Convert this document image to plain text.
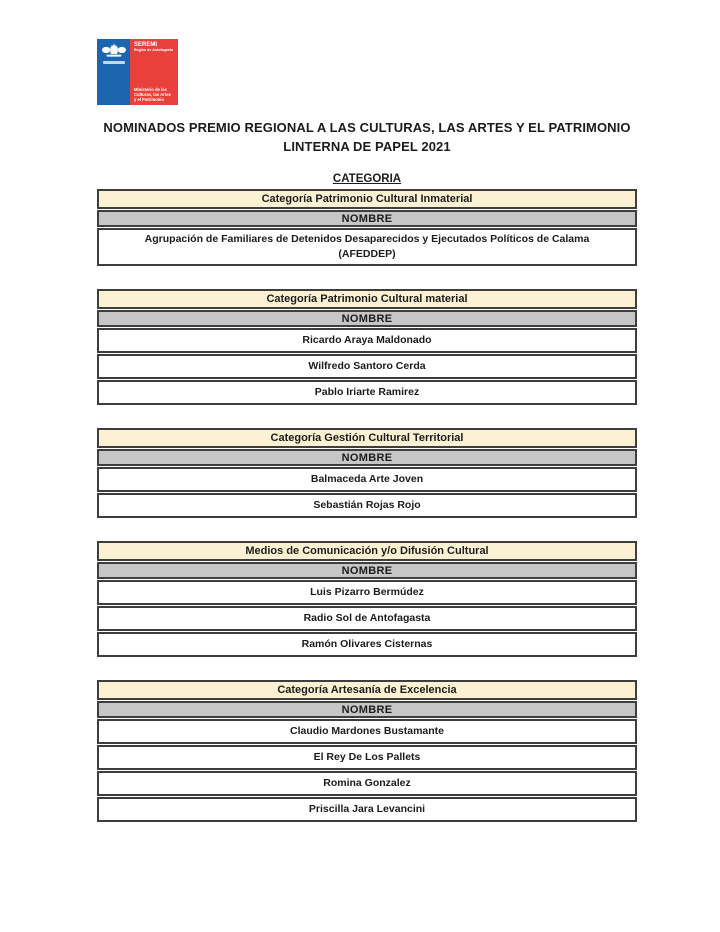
SEREMI
Región de Antofagasta
Ministerio de las Culturas, las Artes y el Patrimonio
NOMINADOS PREMIO REGIONAL A LAS CULTURAS, LAS ARTES Y EL PATRIMONIO
LINTERNA DE PAPEL 2021
CATEGORIA
Categoría Patrimonio Cultural Inmaterial
NOMBRE
Agrupación de Familiares de Detenidos Desaparecidos y Ejecutados Políticos de Calama (AFEDDEP)
Categoría Patrimonio Cultural material
NOMBRE
Ricardo Araya Maldonado
Wilfredo Santoro Cerda
Pablo Iriarte Ramirez
Categoría Gestión Cultural Territorial
NOMBRE
Balmaceda Arte Joven
Sebastián Rojas Rojo
Medios de Comunicación y/o Difusión Cultural
NOMBRE
Luis Pizarro Bermúdez
Radio Sol de Antofagasta
Ramón Olivares Cisternas
Categoría Artesanía de Excelencia
NOMBRE
Claudio Mardones Bustamante
El Rey De Los Pallets
Romina Gonzalez
Priscilla Jara Levancini
